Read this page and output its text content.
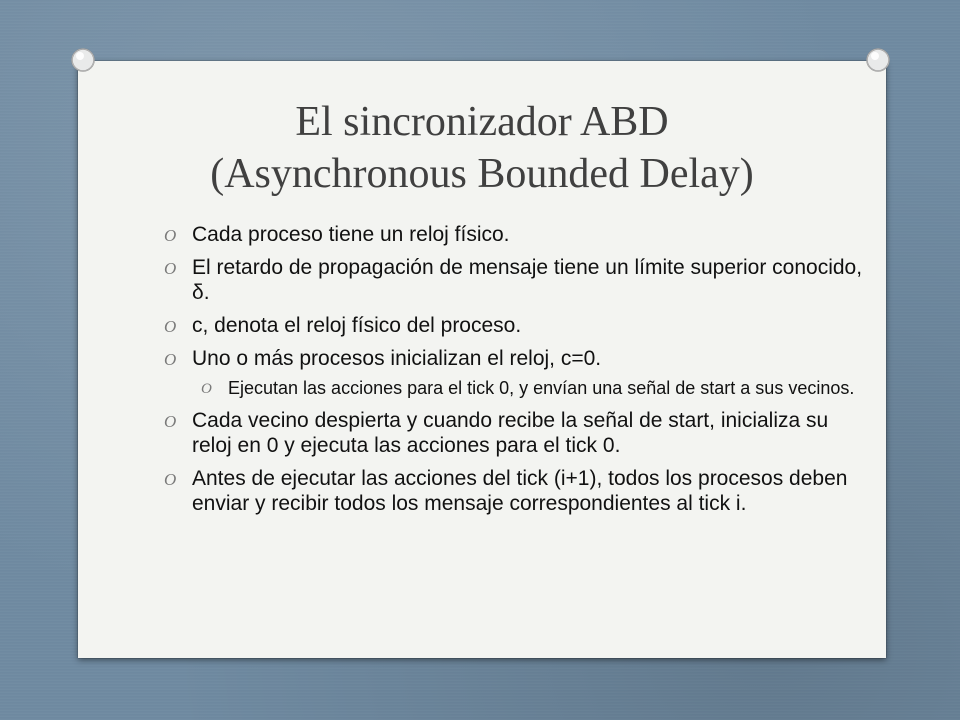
El sincronizador ABD
(Asynchronous Bounded Delay)
O Cada proceso tiene un reloj físico.
O El retardo de propagación de mensaje tiene un límite superior conocido, δ.
O c, denota el reloj físico del proceso.
O Uno o más procesos inicializan el reloj, c=0.
O Ejecutan las acciones para el tick 0, y envían una señal de start a sus vecinos.
O Cada vecino despierta y cuando recibe la señal de start, inicializa su reloj en 0 y ejecuta las acciones para el tick 0.
O Antes de ejecutar las acciones del tick (i+1), todos los procesos deben enviar y recibir todos los mensaje correspondientes al tick i.
